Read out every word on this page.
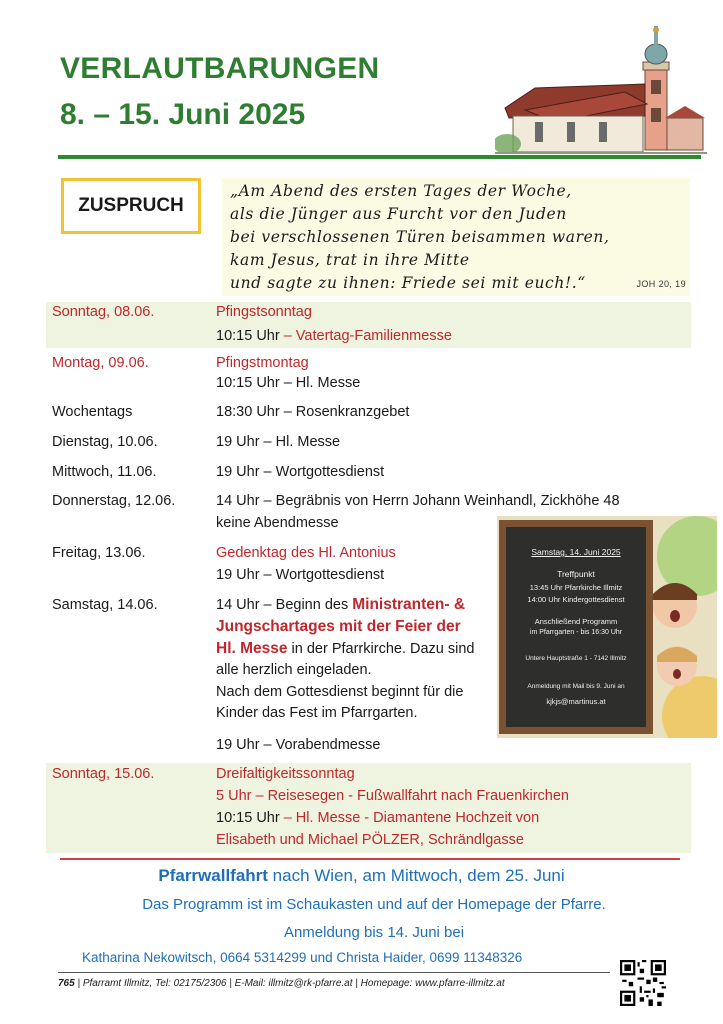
VERLAUTBARUNGEN
8. – 15. Juni 2025
ZUSPRUCH
„Am Abend des ersten Tages der Woche,
als die Jünger aus Furcht vor den Juden
bei verschlossenen Türen beisammen waren,
kam Jesus, trat in ihre Mitte
und sagte zu ihnen: Friede sei mit euch!.“	JOH 20, 19
Sonntag, 08.06.	Pfingstsonntag
10:15 Uhr – Vatertag-Familienmesse
Montag, 09.06.	Pfingstmontag
10:15 Uhr – Hl. Messe
Wochentags	18:30 Uhr – Rosenkranzgebet
Dienstag, 10.06.	19 Uhr – Hl. Messe
Mittwoch, 11.06.	19 Uhr – Wortgottesdienst
Donnerstag, 12.06.	14 Uhr – Begräbnis von Herrn Johann Weinhandl, Zickhöhe 48
keine Abendmesse
Freitag, 13.06.	Gedenktag des Hl. Antonius
19 Uhr – Wortgottesdienst
Samstag, 14.06.	14 Uhr – Beginn des Ministranten- &
Jungschartages mit der Feier der
Hl. Messe in der Pfarrkirche. Dazu sind
alle herzlich eingeladen.
Nach dem Gottesdienst beginnt für die
Kinder das Fest im Pfarrgarten.
19 Uhr – Vorabendmesse
Samstag, 14. Juni 2025
Treffpunkt
13:45 Uhr Pfarrkirche Illmitz
14:00 Uhr Kindergottesdienst
Anschließend Programm
im Pfarrgarten - bis 16:30 Uhr
Untere Hauptstraße 1 - 7142 Illmitz
Anmeldung mit Mail bis 9. Juni an
kjkjs@martinus.at
Sonntag, 15.06.	Dreifaltigkeitssonntag
5 Uhr – Reisesegen - Fußwallfahrt nach Frauenkirchen
10:15 Uhr – Hl. Messe - Diamantene Hochzeit von
Elisabeth und Michael PÖLZER, Schrändlgasse
Pfarrwallfahrt nach Wien, am Mittwoch, dem 25. Juni
Das Programm ist im Schaukasten und auf der Homepage der Pfarre.
Anmeldung bis 14. Juni bei
Katharina Nekowitsch, 0664 5314299 und Christa Haider, 0699 11348326
765 | Pfarramt Illmitz, Tel: 02175/2306 | E-Mail: illmitz@rk-pfarre.at | Homepage: www.pfarre-illmitz.at
